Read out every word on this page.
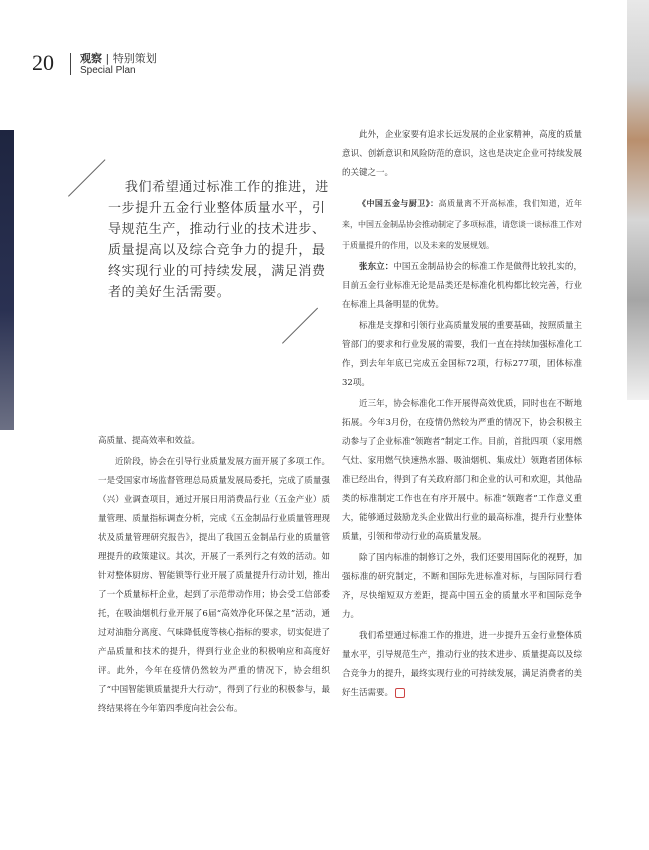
20 观察 | 特别策划
Special Plan

我们希望通过标准工作的推进，进一步提升五金行业整体质量水平，引导规范生产，推动行业的技术进步、质量提高以及综合竞争力的提升，最终实现行业的可持续发展，满足消费者的美好生活需要。

高质量、提高效率和效益。

近阶段，协会在引导行业质量发展方面开展了多项工作。一是受国家市场监督管理总局质量发展局委托，完成了质量强（兴）业调查项目，通过开展日用消费品行业（五金产业）质量管理、质量指标调查分析，完成《五金制品行业质量管理现状及质量管理研究报告》，提出了我国五金制品行业的质量管理提升的政策建议。其次，开展了一系列行之有效的活动。如针对整体厨房、智能锁等行业开展了质量提升行动计划，推出了一个质量标杆企业，起到了示范带动作用；协会受工信部委托，在吸油烟机行业开展了6届“高效净化环保之星”活动，通过对油脂分离度、气味降低度等核心指标的要求，切实促进了产品质量和技术的提升，得到行业企业的积极响应和高度好评。此外，今年在疫情仍然较为严重的情况下，协会组织了“中国智能锁质量提升大行动”，得到了行业的积极参与，最终结果将在今年第四季度向社会公布。

此外，企业家要有追求长远发展的企业家精神，高度的质量意识、创新意识和风险防范的意识，这也是决定企业可持续发展的关键之一。

《中国五金与厨卫》：高质量离不开高标准，我们知道，近年来，中国五金制品协会推动制定了多项标准，请您谈一谈标准工作对于质量提升的作用，以及未来的发展规划。

张东立：中国五金制品协会的标准工作是做得比较扎实的，目前五金行业标准无论是品类还是标准化机构都比较完善，行业在标准上具备明显的优势。

标准是支撑和引领行业高质量发展的重要基础，按照质量主管部门的要求和行业发展的需要，我们一直在持续加强标准化工作，到去年年底已完成五金国标72项，行标277项，团体标准32项。

近三年，协会标准化工作开展得高效优质，同时也在不断地拓展。今年3月份，在疫情仍然较为严重的情况下，协会积极主动参与了企业标准“领跑者”制定工作。目前，首批四项（家用燃气灶、家用燃气快速热水器、吸油烟机、集成灶）领跑者团体标准已经出台，得到了有关政府部门和企业的认可和欢迎，其他品类的标准制定工作也在有序开展中。标准“领跑者”工作意义重大，能够通过鼓励龙头企业做出行业的最高标准，提升行业整体质量，引领和带动行业的高质量发展。

除了国内标准的制修订之外，我们还要用国际化的视野，加强标准的研究制定，不断和国际先进标准对标，与国际同行看齐，尽快缩短双方差距，提高中国五金的质量水平和国际竞争力。

我们希望通过标准工作的推进，进一步提升五金行业整体质量水平，引导规范生产，推动行业的技术进步、质量提高以及综合竞争力的提升，最终实现行业的可持续发展，满足消费者的美好生活需要。
